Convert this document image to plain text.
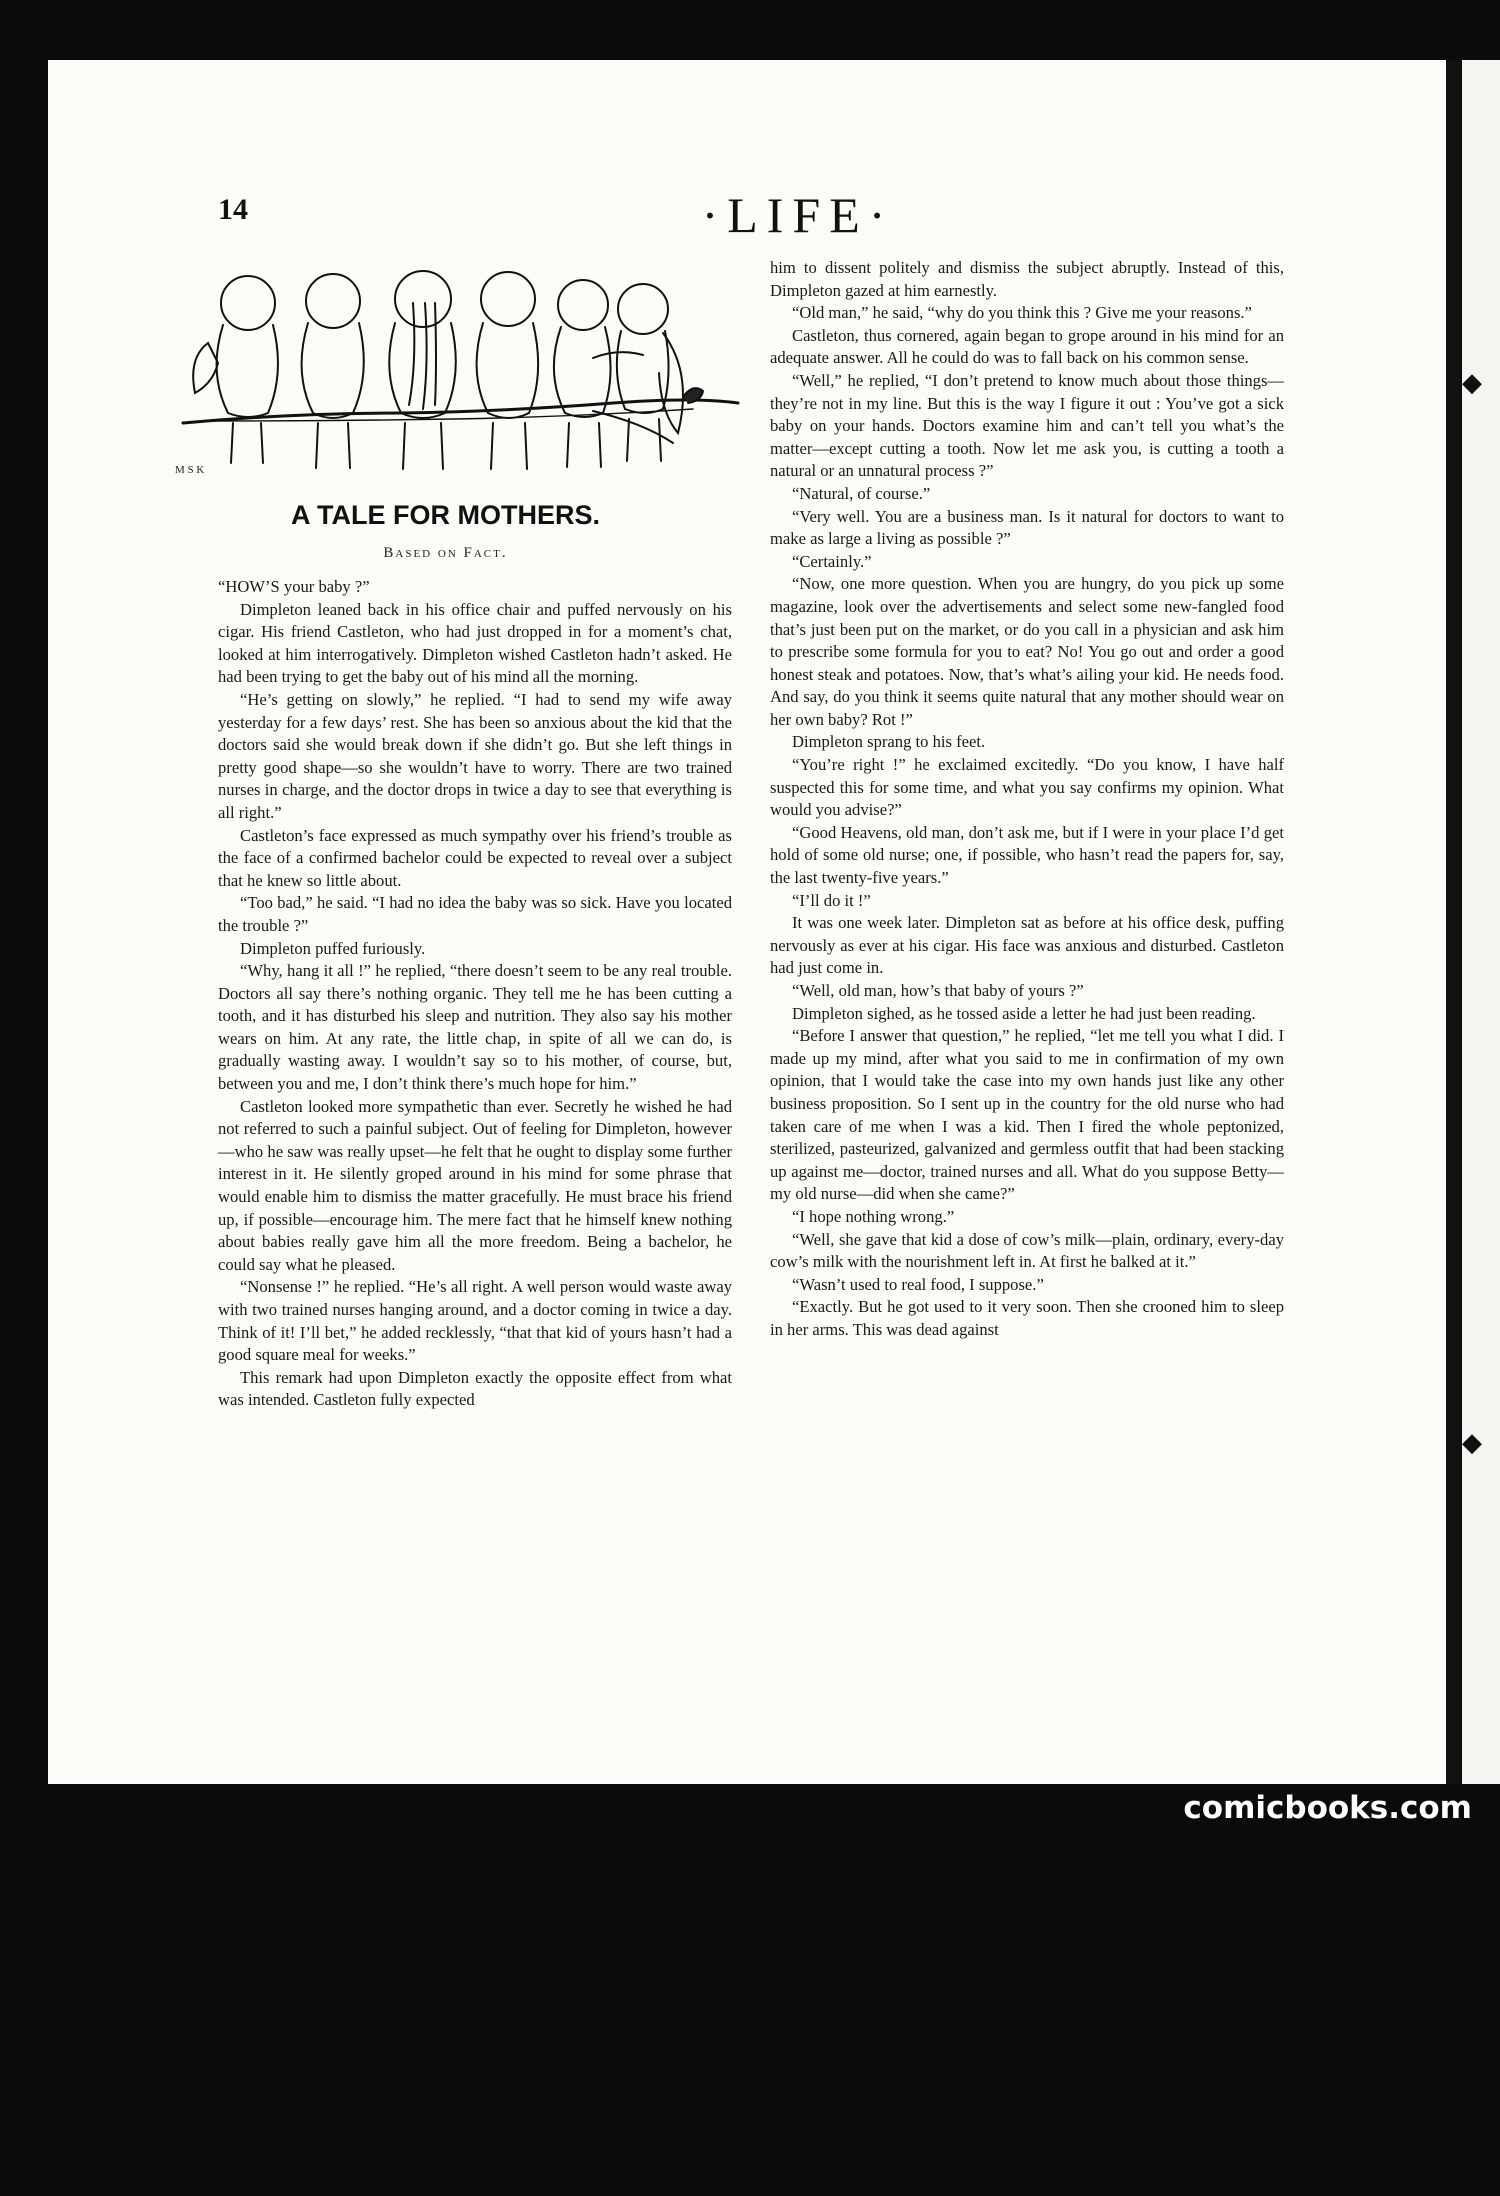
14	·LIFE·
◆
◆
M S K
A TALE FOR MOTHERS.
Based on Fact.

“HOW’S your baby ?”

Dimpleton leaned back in his office chair and puffed nervously on his cigar. His friend Castleton, who had just dropped in for a moment’s chat, looked at him interrogatively. Dimpleton wished Castleton hadn’t asked. He had been trying to get the baby out of his mind all the morning.

“He’s getting on slowly,” he replied. “I had to send my wife away yesterday for a few days’ rest. She has been so anxious about the kid that the doctors said she would break down if she didn’t go. But she left things in pretty good shape—so she wouldn’t have to worry. There are two trained nurses in charge, and the doctor drops in twice a day to see that everything is all right.”

Castleton’s face expressed as much sympathy over his friend’s trouble as the face of a confirmed bachelor could be expected to reveal over a subject that he knew so little about.

“Too bad,” he said. “I had no idea the baby was so sick. Have you located the trouble ?”

Dimpleton puffed furiously.

“Why, hang it all !” he replied, “there doesn’t seem to be any real trouble. Doctors all say there’s nothing organic. They tell me he has been cutting a tooth, and it has disturbed his sleep and nutrition. They also say his mother wears on him. At any rate, the little chap, in spite of all we can do, is gradually wasting away. I wouldn’t say so to his mother, of course, but, between you and me, I don’t think there’s much hope for him.”

Castleton looked more sympathetic than ever. Secretly he wished he had not referred to such a painful subject. Out of feeling for Dimpleton, however—who he saw was really upset—he felt that he ought to display some further interest in it. He silently groped around in his mind for some phrase that would enable him to dismiss the matter gracefully. He must brace his friend up, if possible—encourage him. The mere fact that he himself knew nothing about babies really gave him all the more freedom. Being a bachelor, he could say what he pleased.

“Nonsense !” he replied. “He’s all right. A well person would waste away with two trained nurses hanging around, and a doctor coming in twice a day. Think of it! I’ll bet,” he added recklessly, “that that kid of yours hasn’t had a good square meal for weeks.”

This remark had upon Dimpleton exactly the opposite effect from what was intended. Castleton fully expected

him to dissent politely and dismiss the subject abruptly. Instead of this, Dimpleton gazed at him earnestly.

“Old man,” he said, “why do you think this ? Give me your reasons.”

Castleton, thus cornered, again began to grope around in his mind for an adequate answer. All he could do was to fall back on his common sense.

“Well,” he replied, “I don’t pretend to know much about those things—they’re not in my line. But this is the way I figure it out : You’ve got a sick baby on your hands. Doctors examine him and can’t tell you what’s the matter—except cutting a tooth. Now let me ask you, is cutting a tooth a natural or an unnatural process ?”

“Natural, of course.”

“Very well. You are a business man. Is it natural for doctors to want to make as large a living as possible ?”

“Certainly.”

“Now, one more question. When you are hungry, do you pick up some magazine, look over the advertisements and select some new-fangled food that’s just been put on the market, or do you call in a physician and ask him to prescribe some formula for you to eat? No! You go out and order a good honest steak and potatoes. Now, that’s what’s ailing your kid. He needs food. And say, do you think it seems quite natural that any mother should wear on her own baby? Rot !”

Dimpleton sprang to his feet.

“You’re right !” he exclaimed excitedly. “Do you know, I have half suspected this for some time, and what you say confirms my opinion. What would you advise?”

“Good Heavens, old man, don’t ask me, but if I were in your place I’d get hold of some old nurse; one, if possible, who hasn’t read the papers for, say, the last twenty-five years.”

“I’ll do it !”

It was one week later. Dimpleton sat as before at his office desk, puffing nervously as ever at his cigar. His face was anxious and disturbed. Castleton had just come in.

“Well, old man, how’s that baby of yours ?”

Dimpleton sighed, as he tossed aside a letter he had just been reading.

“Before I answer that question,” he replied, “let me tell you what I did. I made up my mind, after what you said to me in confirmation of my own opinion, that I would take the case into my own hands just like any other business proposition. So I sent up in the country for the old nurse who had taken care of me when I was a kid. Then I fired the whole peptonized, sterilized, pasteurized, galvanized and germless outfit that had been stacking up against me—doctor, trained nurses and all. What do you suppose Betty—my old nurse—did when she came?”

“I hope nothing wrong.”

“Well, she gave that kid a dose of cow’s milk—plain, ordinary, every-day cow’s milk with the nourishment left in. At first he balked at it.”

“Wasn’t used to real food, I suppose.”

“Exactly. But he got used to it very soon. Then she crooned him to sleep in her arms. This was dead against

comicbooks.com
